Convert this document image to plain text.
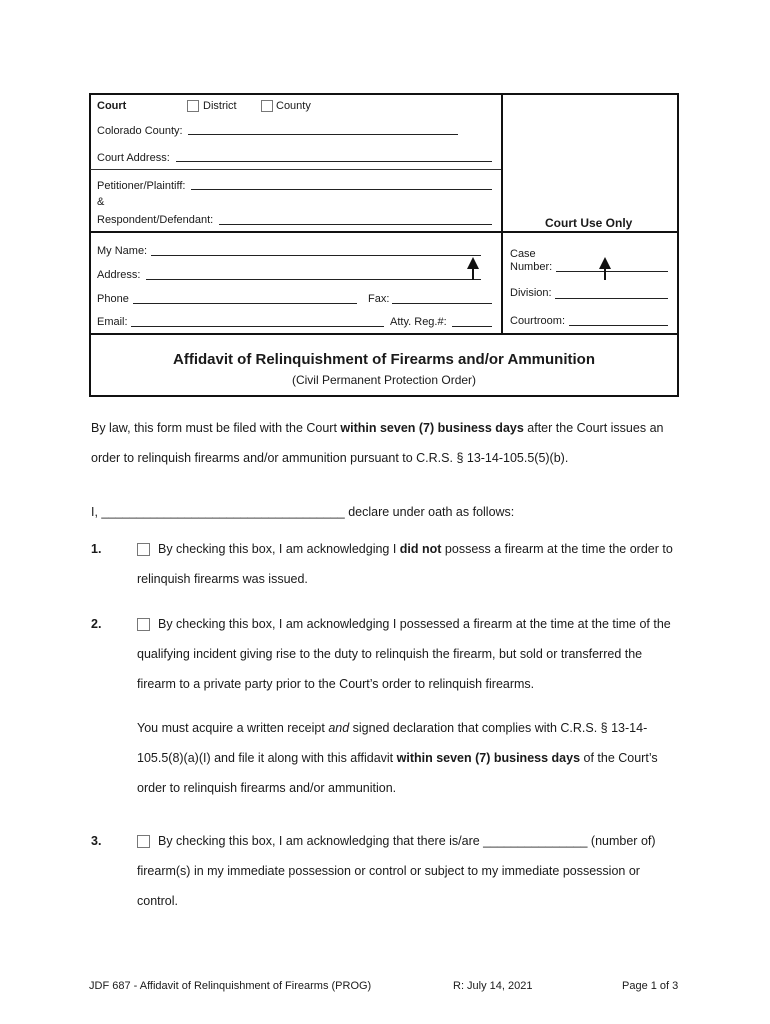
Court	District	County
Colorado County:
Court Address:
Petitioner/Plaintiff:
&
Respondent/Defendant:	Court Use Only
My Name:
Address:
Phone	Fax:
Email:	Atty. Reg.#:
Case
Number:
Division:
Courtroom:
Affidavit of Relinquishment of Firearms and/or Ammunition
(Civil Permanent Protection Order)
By law, this form must be filed with the Court within seven (7) business days after the Court issues an
order to relinquish firearms and/or ammunition pursuant to C.R.S. § 13-14-105.5(5)(b).
I, ___________________________________ declare under oath as follows:
1.	By checking this box, I am acknowledging I did not possess a firearm at the time the order to
relinquish firearms was issued.
2.	By checking this box, I am acknowledging I possessed a firearm at the time at the time of the
qualifying incident giving rise to the duty to relinquish the firearm, but sold or transferred the
firearm to a private party prior to the Court’s order to relinquish firearms.
You must acquire a written receipt and signed declaration that complies with C.R.S. § 13-14-
105.5(8)(a)(I) and file it along with this affidavit within seven (7) business days of the Court’s
order to relinquish firearms and/or ammunition.
3.	By checking this box, I am acknowledging that there is/are _______________ (number of)
firearm(s) in my immediate possession or control or subject to my immediate possession or
control.
JDF 687 - Affidavit of Relinquishment of Firearms (PROG)	R: July 14, 2021	Page 1 of 3
